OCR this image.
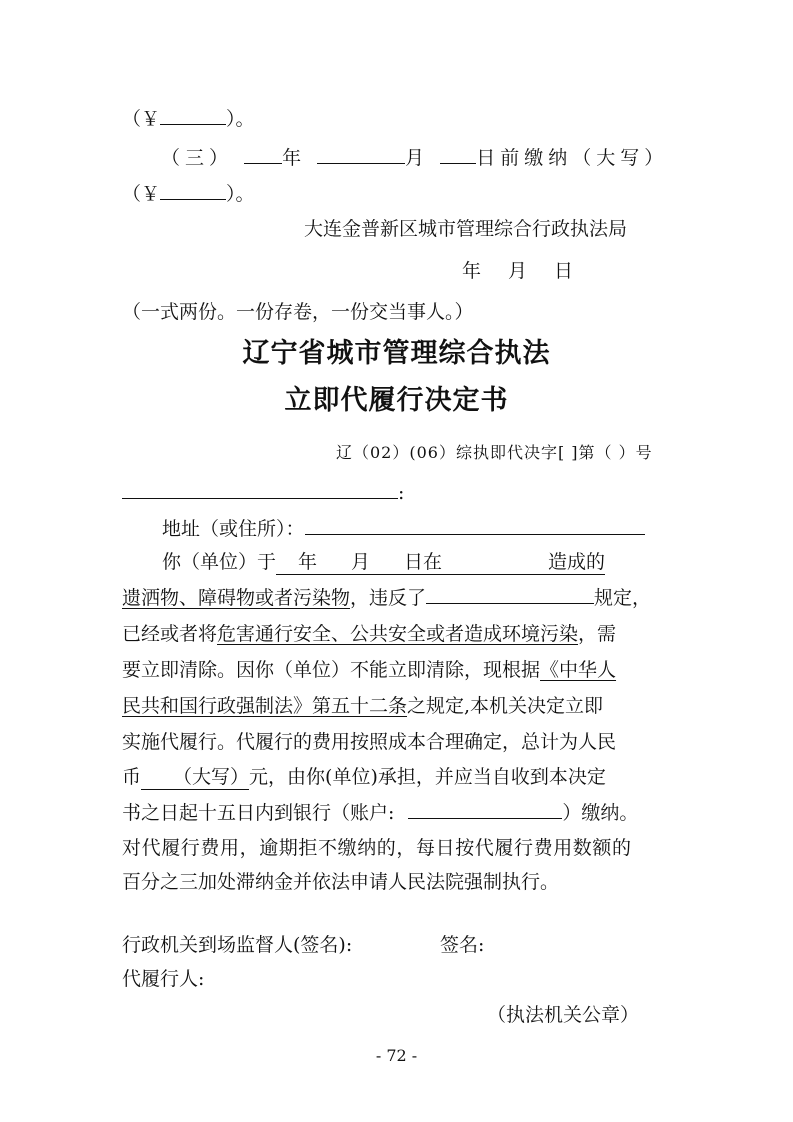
（￥	）。
（三）	年	月 日前缴纳（大写）
（￥	）。
大连金普新区城市管理综合行政执法局
年　月　日
（一式两份。一份存卷，一份交当事人。）
辽宁省城市管理综合执法
立即代履行决定书
辽（02）(06）综执即代决字[ ]第（ ）号
:
地址（或住所）：
你（单位）于 年 月 日在	造成的
遗洒物、障碍物或者污染物，违反了	规定，
已经或者将危害通行安全、公共安全或者造成环境污染，需
要立即清除。因你（单位）不能立即清除，现根据《中华人
民共和国行政强制法》第五十二条之规定,本机关决定立即
实施代履行。代履行的费用按照成本合理确定，总计为人民
币 （大写）元，由你(单位)承担，并应当自收到本决定
书之日起十五日内到银行（账户:	）缴纳。
对代履行费用，逾期拒不缴纳的，每日按代履行费用数额的
百分之三加处滞纳金并依法申请人民法院强制执行。
行政机关到场监督人(签名):	签名:
代履行人:
（执法机关公章）
- 72 -
